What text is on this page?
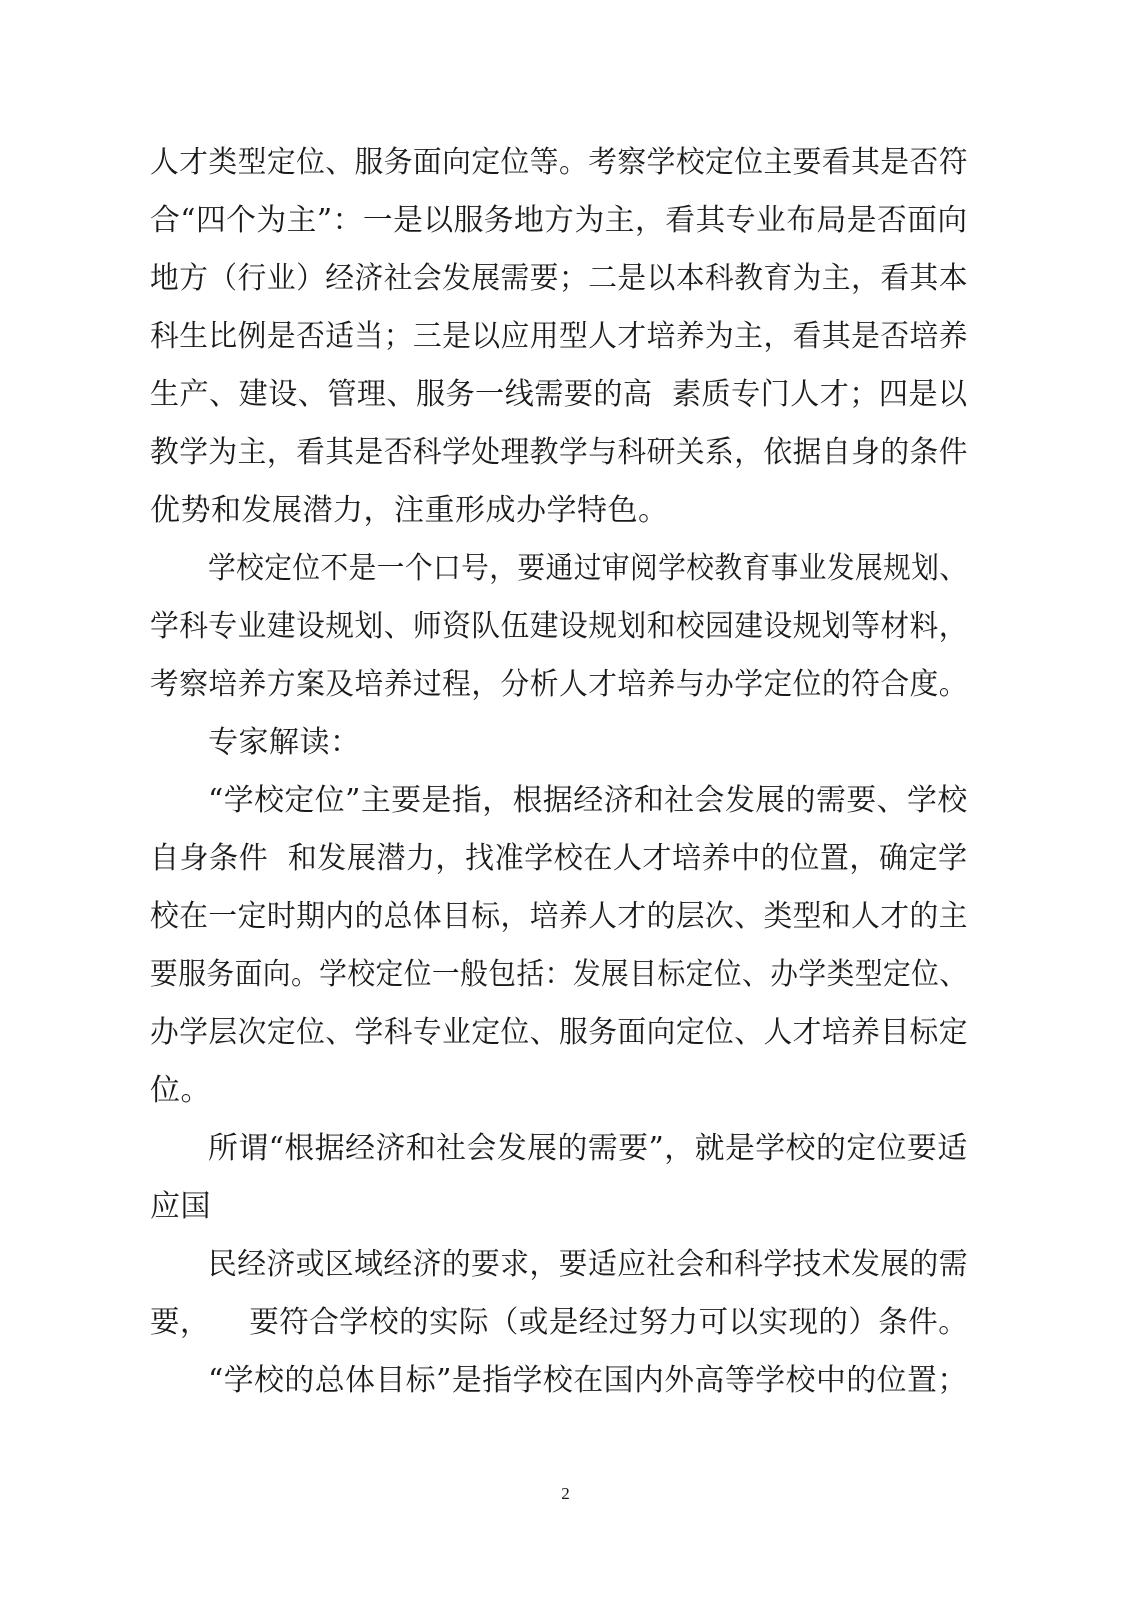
人才类型定位、服务面向定位等。考察学校定位主要看其是否符
合“四个为主”：一是以服务地方为主，看其专业布局是否面向
地方（行业）经济社会发展需要；二是以本科教育为主，看其本
科生比例是否适当；三是以应用型人才培养为主，看其是否培养
生产、建设、管理、服务一线需要的高  素质专门人才；四是以
教学为主，看其是否科学处理教学与科研关系，依据自身的条件
优势和发展潜力，注重形成办学特色。
学校定位不是一个口号，要通过审阅学校教育事业发展规划、
学科专业建设规划、师资队伍建设规划和校园建设规划等材料，
考察培养方案及培养过程，分析人才培养与办学定位的符合度。
专家解读：
“学校定位”主要是指，根据经济和社会发展的需要、学校
自身条件  和发展潜力，找准学校在人才培养中的位置，确定学
校在一定时期内的总体目标，培养人才的层次、类型和人才的主
要服务面向。学校定位一般包括：发展目标定位、办学类型定位、
办学层次定位、学科专业定位、服务面向定位、人才培养目标定
位。
所谓“根据经济和社会发展的需要”，就是学校的定位要适
应国
民经济或区域经济的要求，要适应社会和科学技术发展的需
要，    要符合学校的实际（或是经过努力可以实现的）条件。
“学校的总体目标”是指学校在国内外高等学校中的位置；
2
